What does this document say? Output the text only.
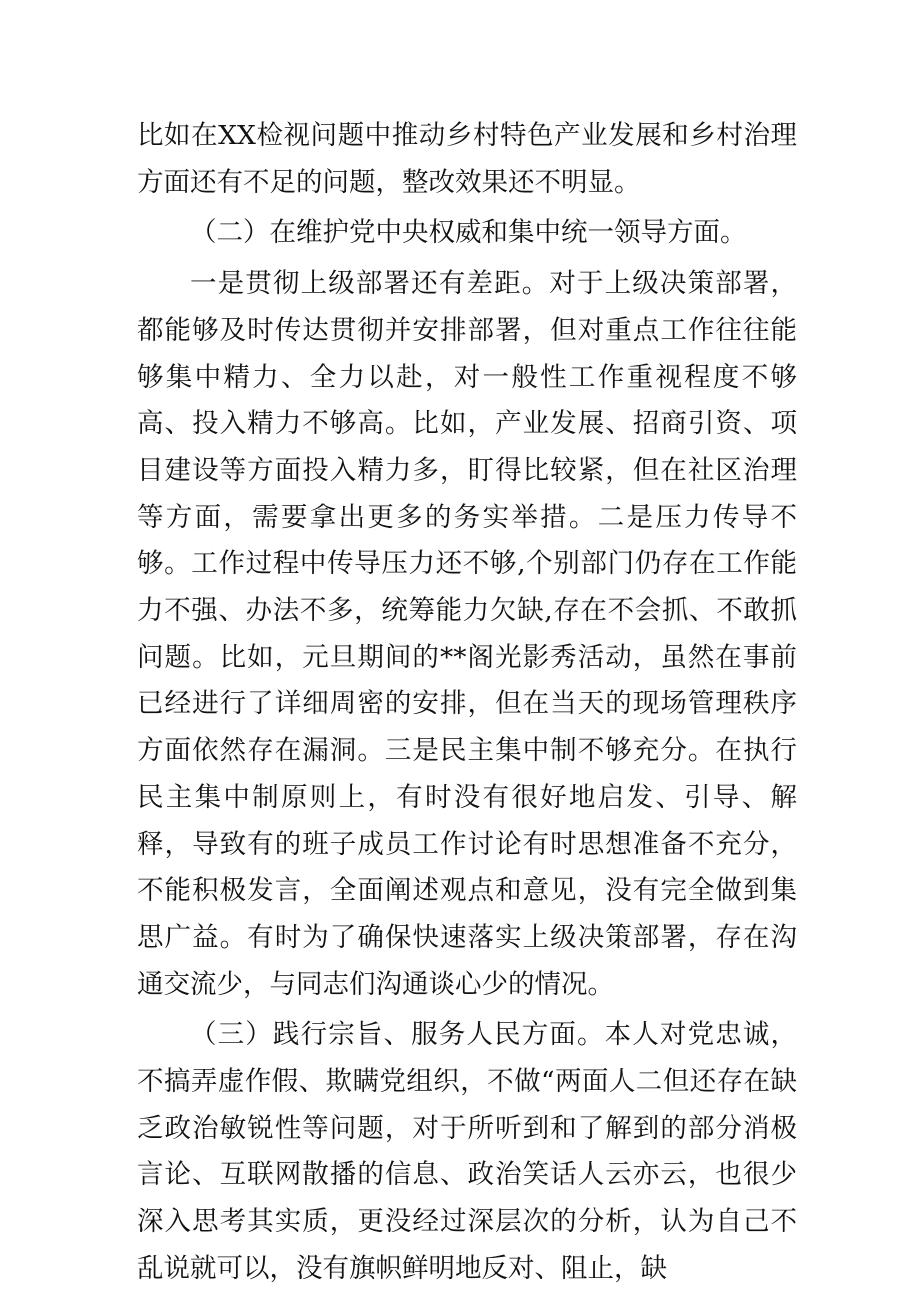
比如在XX检视问题中推动乡村特色产业发展和乡村治理方面还有不足的问题，整改效果还不明显。

（二）在维护党中央权威和集中统一领导方面。

一是贯彻上级部署还有差距。对于上级决策部署，都能够及时传达贯彻并安排部署，但对重点工作往往能够集中精力、全力以赴，对一般性工作重视程度不够高、投入精力不够高。比如，产业发展、招商引资、项目建设等方面投入精力多，盯得比较紧，但在社区治理等方面，需要拿出更多的务实举措。二是压力传导不够。工作过程中传导压力还不够,个别部门仍存在工作能力不强、办法不多，统筹能力欠缺,存在不会抓、不敢抓问题。比如，元旦期间的**阁光影秀活动，虽然在事前已经进行了详细周密的安排，但在当天的现场管理秩序方面依然存在漏洞。三是民主集中制不够充分。在执行民主集中制原则上，有时没有很好地启发、引导、解释，导致有的班子成员工作讨论有时思想准备不充分，不能积极发言，全面阐述观点和意见，没有完全做到集思广益。有时为了确保快速落实上级决策部署，存在沟通交流少，与同志们沟通谈心少的情况。

（三）践行宗旨、服务人民方面。本人对党忠诚，不搞弄虚作假、欺瞒党组织，不做“两面人二但还存在缺乏政治敏锐性等问题，对于所听到和了解到的部分消极言论、互联网散播的信息、政治笑话人云亦云，也很少深入思考其实质，更没经过深层次的分析，认为自己不乱说就可以，没有旗帜鲜明地反对、阻止，缺
